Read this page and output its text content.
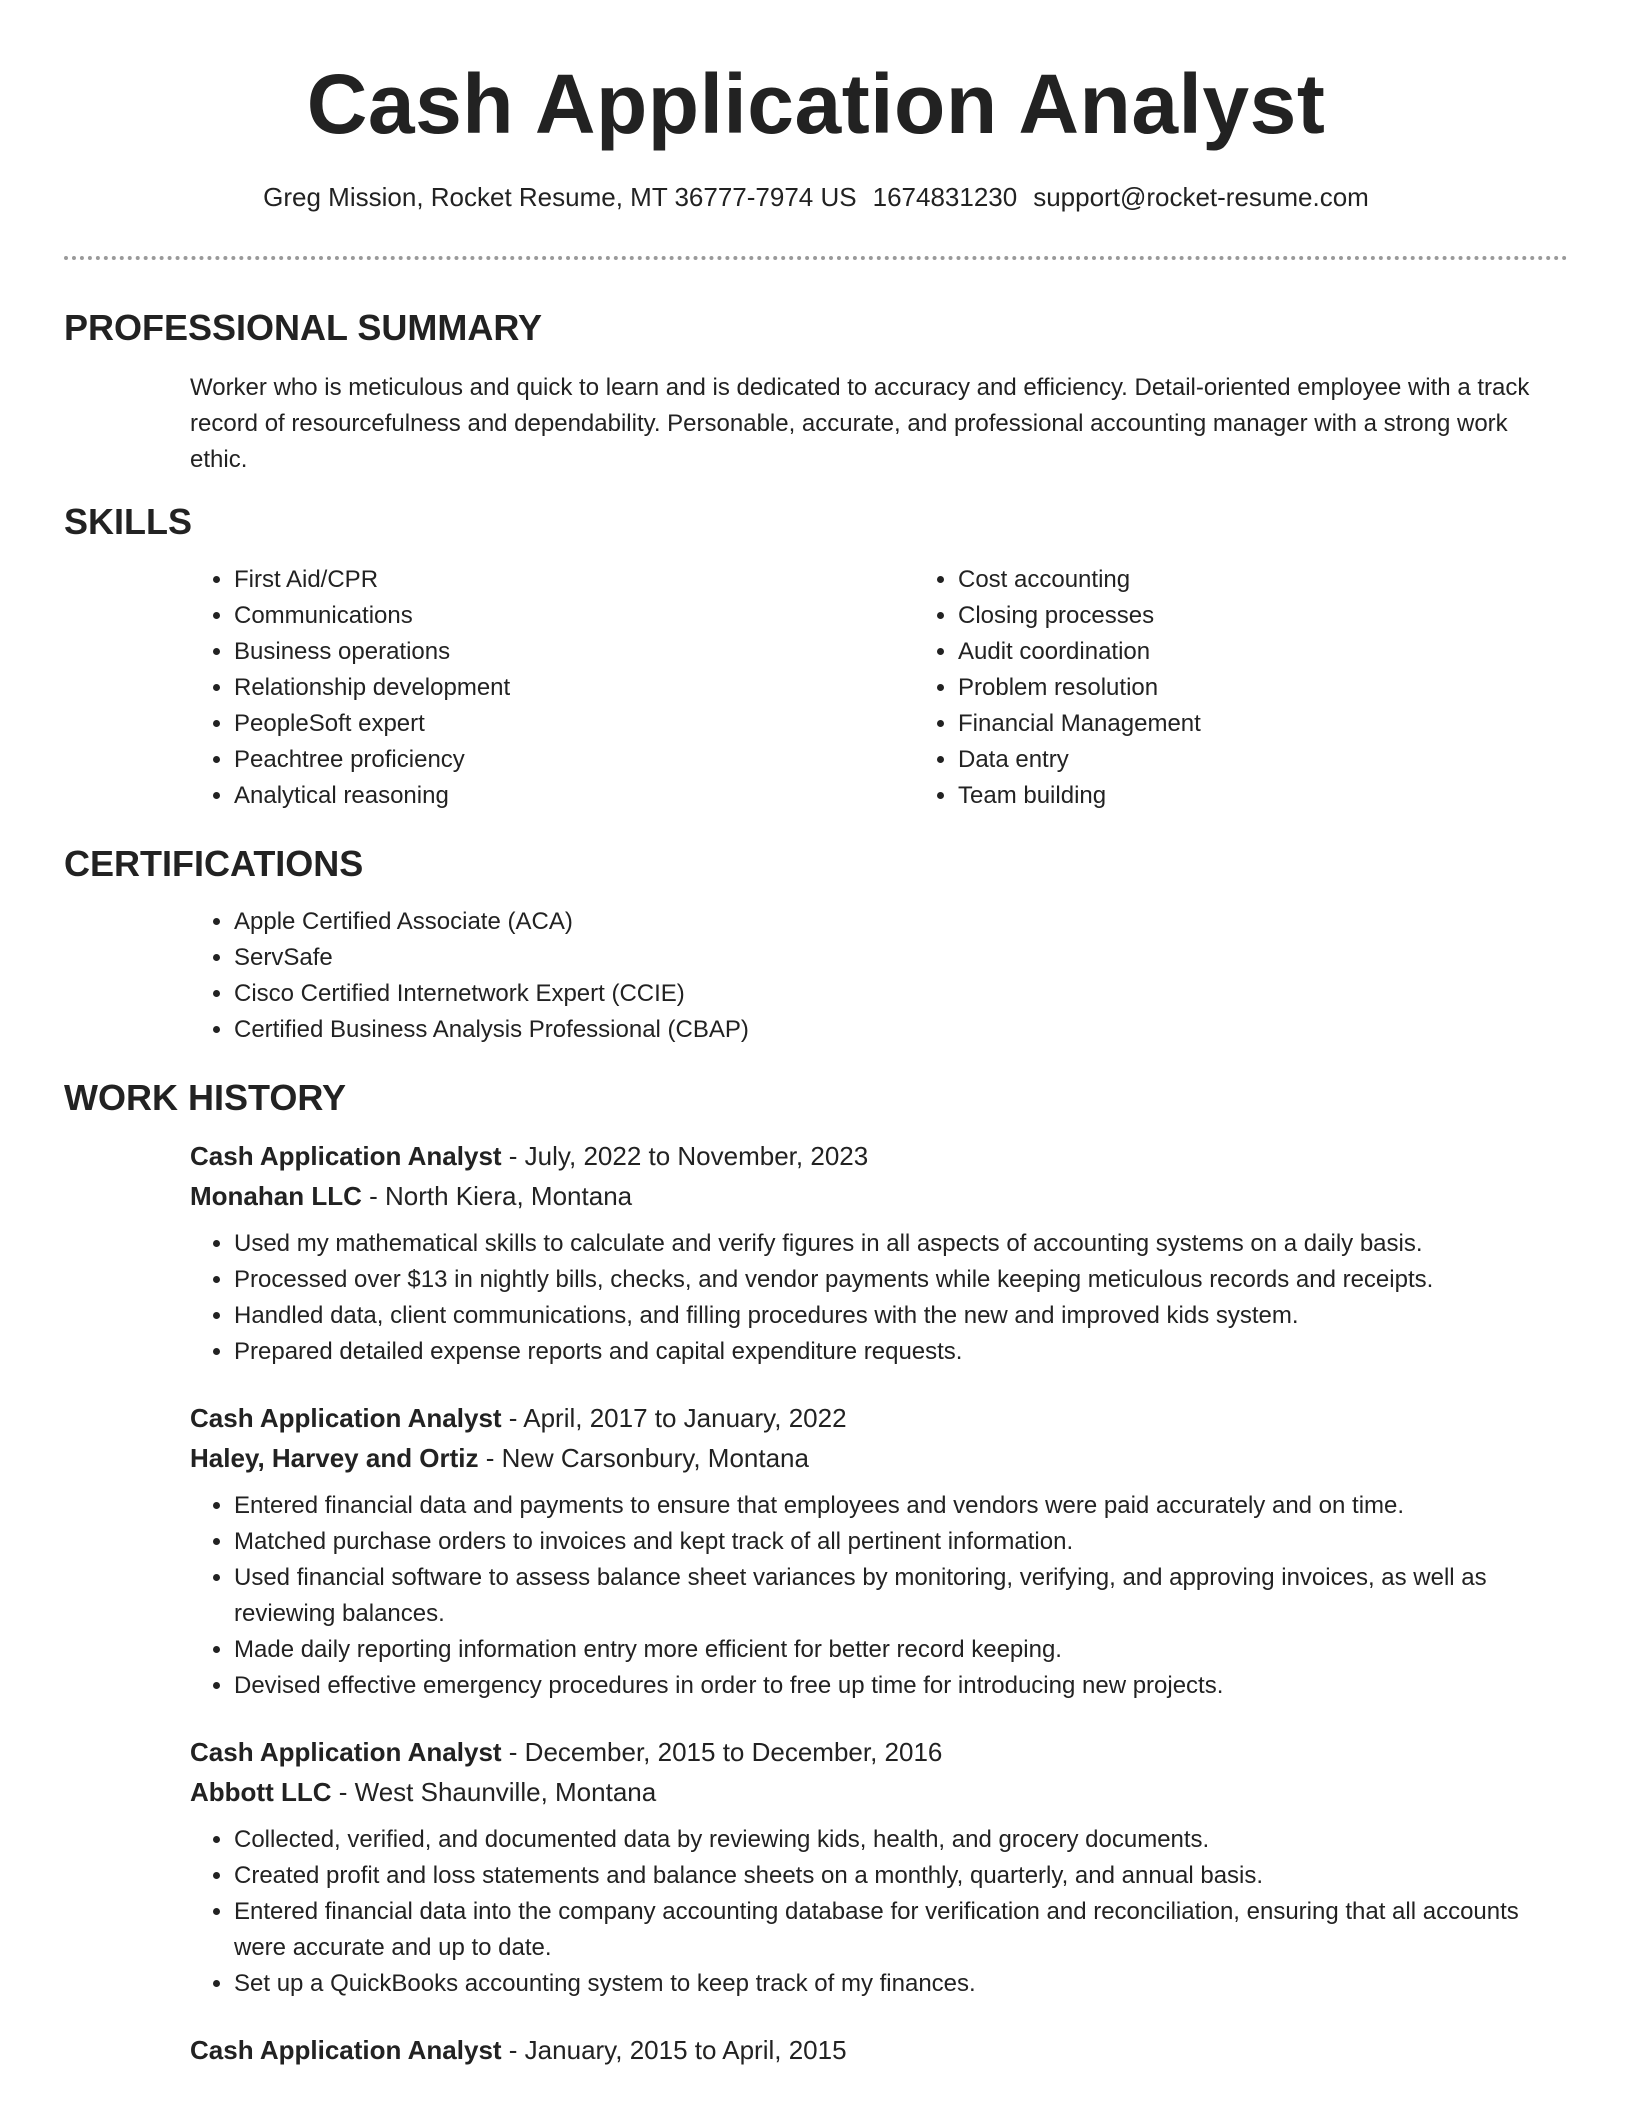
Cash Application Analyst
Greg Mission, Rocket Resume, MT 36777-7974 US 1674831230 support@rocket-resume.com
PROFESSIONAL SUMMARY

Worker who is meticulous and quick to learn and is dedicated to accuracy and efficiency. Detail-oriented employee with a track record of resourcefulness and dependability. Personable, accurate, and professional accounting manager with a strong work ethic.

SKILLS
• First Aid/CPR
• Communications
• Business operations
• Relationship development
• PeopleSoft expert
• Peachtree proficiency
• Analytical reasoning
• Cost accounting
• Closing processes
• Audit coordination
• Problem resolution
• Financial Management
• Data entry
• Team building
CERTIFICATIONS
• Apple Certified Associate (ACA)
• ServSafe
• Cisco Certified Internetwork Expert (CCIE)
• Certified Business Analysis Professional (CBAP)
WORK HISTORY
Cash Application Analyst - July, 2022 to November, 2023
Monahan LLC - North Kiera, Montana
• Used my mathematical skills to calculate and verify figures in all aspects of accounting systems on a daily basis.
• Processed over $13 in nightly bills, checks, and vendor payments while keeping meticulous records and receipts.
• Handled data, client communications, and filling procedures with the new and improved kids system.
• Prepared detailed expense reports and capital expenditure requests.
Cash Application Analyst - April, 2017 to January, 2022
Haley, Harvey and Ortiz - New Carsonbury, Montana
• Entered financial data and payments to ensure that employees and vendors were paid accurately and on time.
• Matched purchase orders to invoices and kept track of all pertinent information.
• Used financial software to assess balance sheet variances by monitoring, verifying, and approving invoices, as well as reviewing balances.
• Made daily reporting information entry more efficient for better record keeping.
• Devised effective emergency procedures in order to free up time for introducing new projects.
Cash Application Analyst - December, 2015 to December, 2016
Abbott LLC - West Shaunville, Montana
• Collected, verified, and documented data by reviewing kids, health, and grocery documents.
• Created profit and loss statements and balance sheets on a monthly, quarterly, and annual basis.
• Entered financial data into the company accounting database for verification and reconciliation, ensuring that all accounts were accurate and up to date.
• Set up a QuickBooks accounting system to keep track of my finances.
Cash Application Analyst - January, 2015 to April, 2015
